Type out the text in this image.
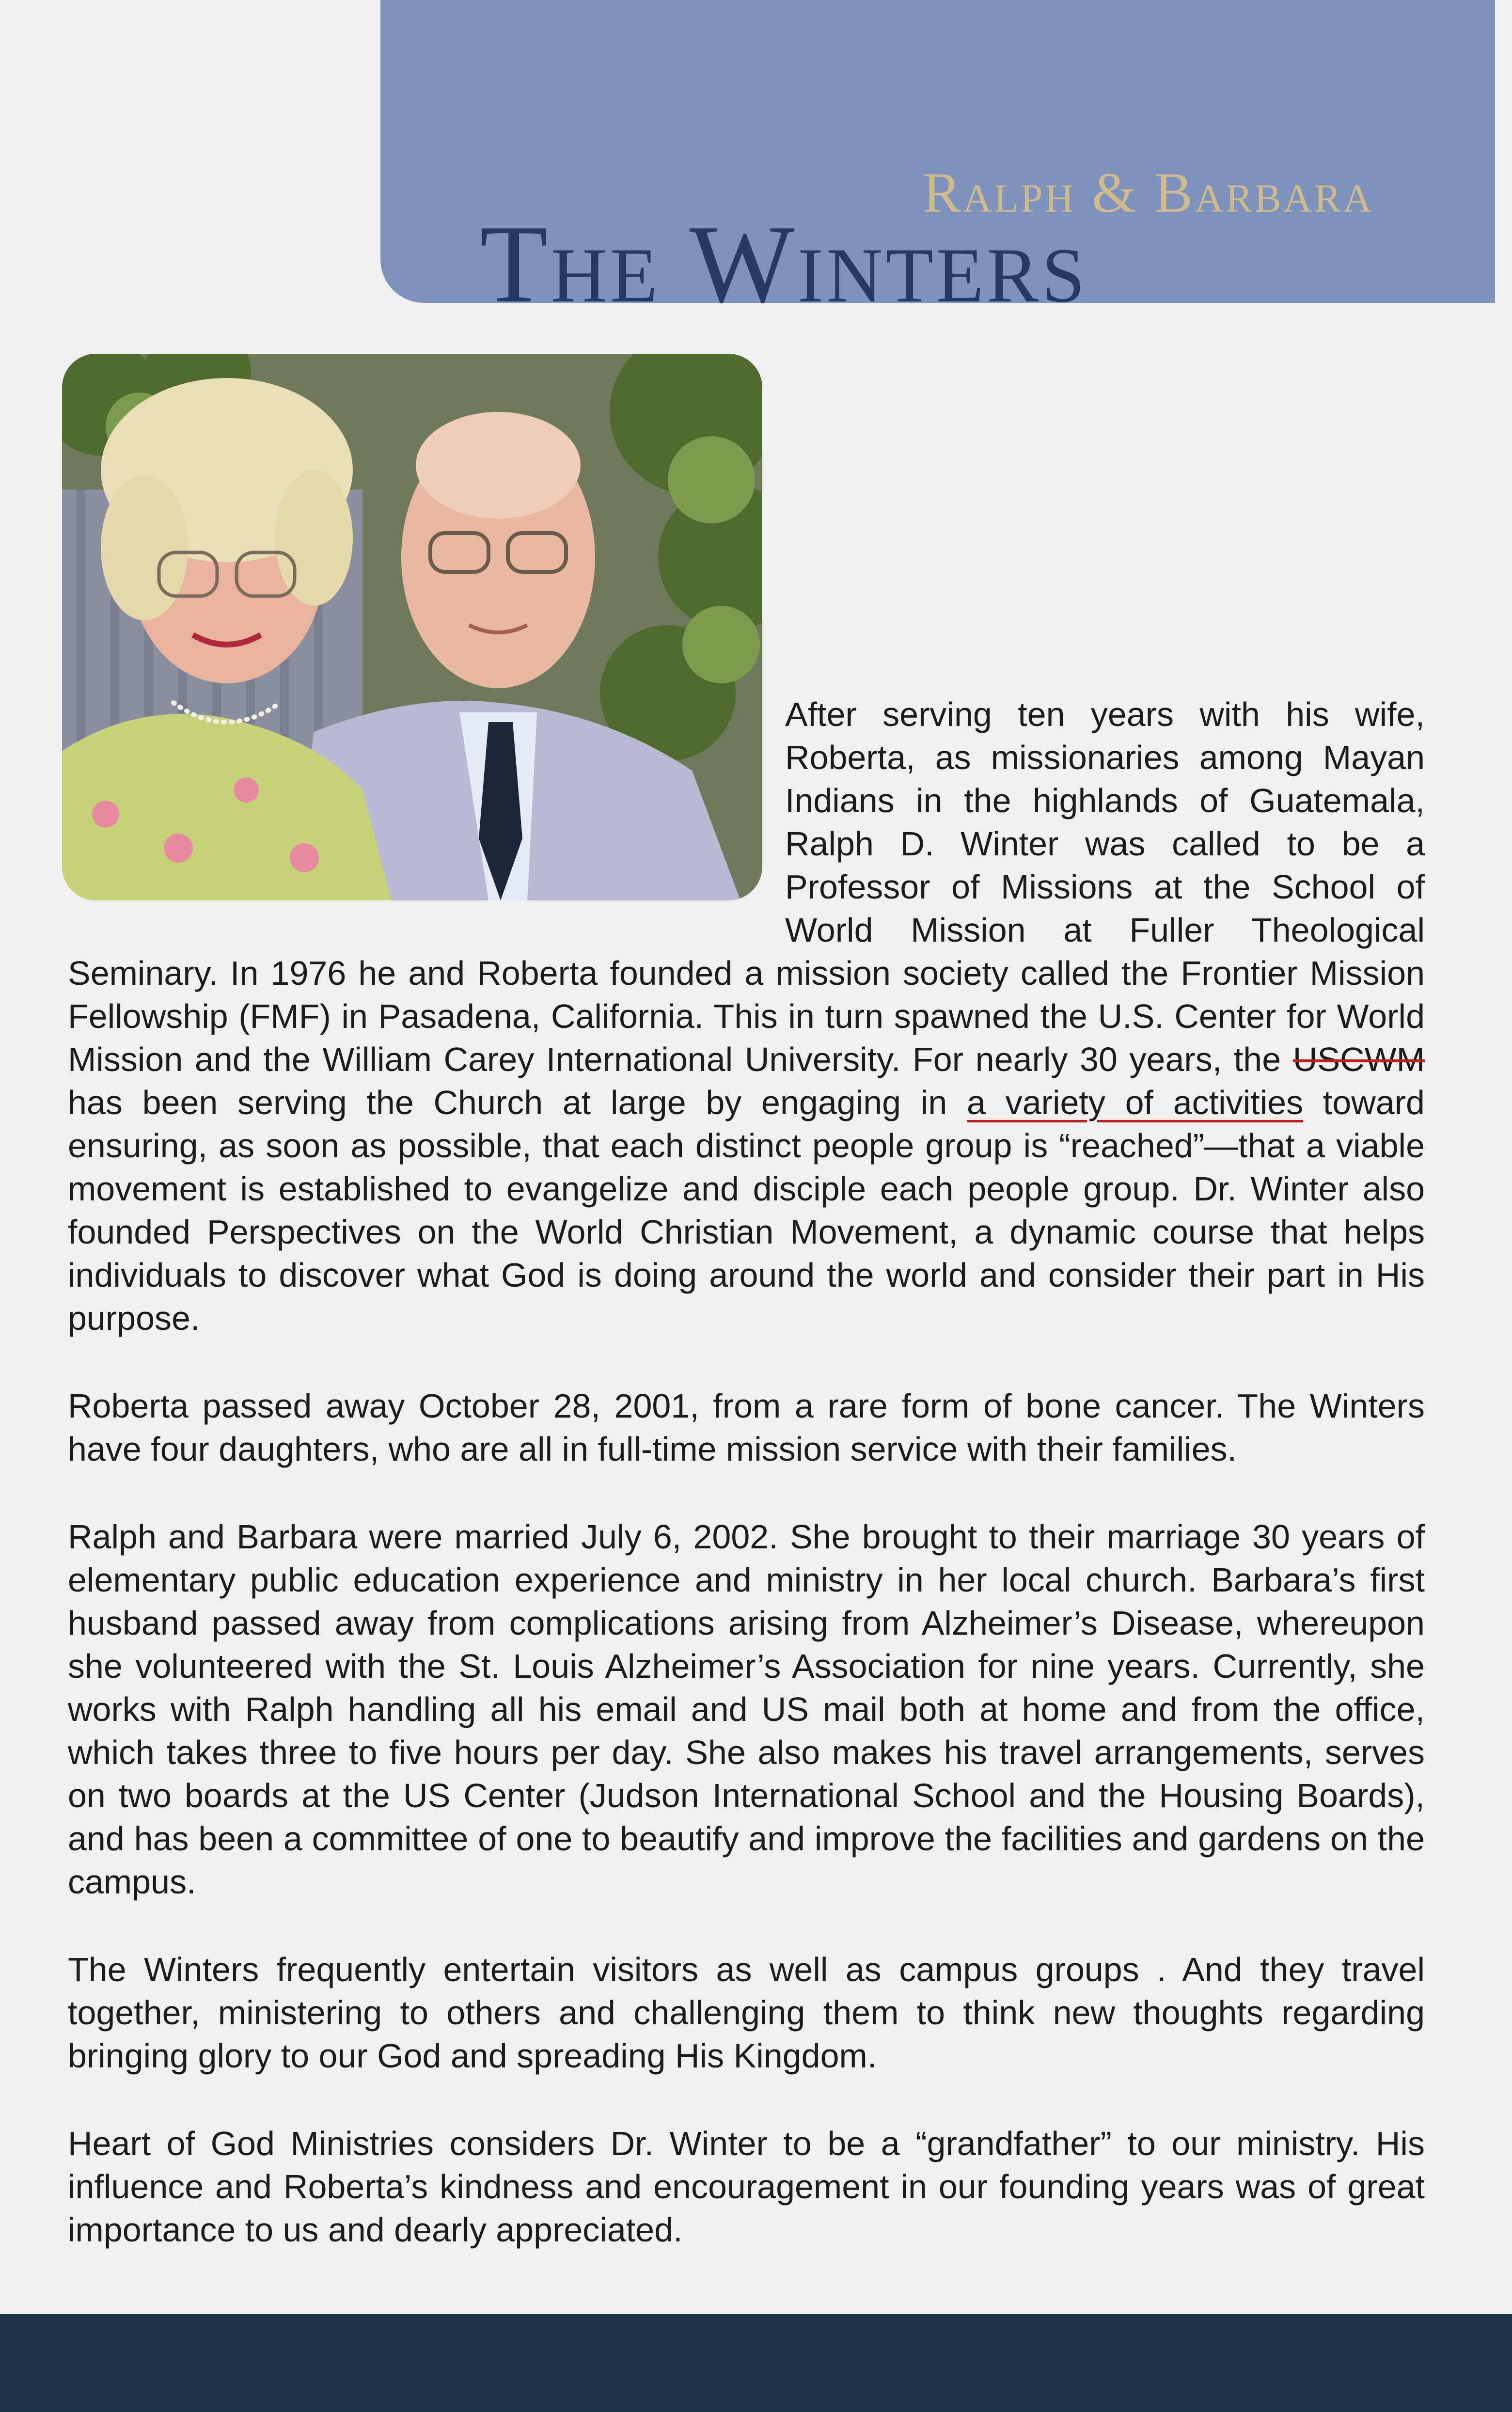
Ralph & Barbara
The Winters

After serving ten years with his wife, Roberta, as missionaries among Mayan Indians in the highlands of Guatemala, Ralph D. Winter was called to be a Professor of Missions at the School of World Mission at Fuller Theological Seminary. In 1976 he and Roberta founded a mission society called the Frontier Mission Fellowship (FMF) in Pasadena, California. This in turn spawned the U.S. Center for World Mission and the William Carey International University. For nearly 30 years, the USCWM has been serving the Church at large by engaging in a variety of activities toward ensuring, as soon as possible, that each distinct people group is “reached”—that a viable movement is established to evangelize and disciple each people group. Dr. Winter also founded Perspectives on the World Christian Movement, a dynamic course that helps individuals to discover what God is doing around the world and consider their part in His purpose.

Roberta passed away October 28, 2001, from a rare form of bone cancer. The Winters have four daughters, who are all in full-time mission service with their families.

Ralph and Barbara were married July 6, 2002. She brought to their marriage 30 years of elementary public education experience and ministry in her local church. Barbara’s first husband passed away from complications arising from Alzheimer’s Disease, whereupon she volunteered with the St. Louis Alzheimer’s Association for nine years. Currently, she works with Ralph handling all his email and US mail both at home and from the office, which takes three to five hours per day. She also makes his travel arrangements, serves on two boards at the US Center (Judson International School and the Housing Boards), and has been a committee of one to beautify and improve the facilities and gardens on the campus.

The Winters frequently entertain visitors as well as campus groups . And they travel together, ministering to others and challenging them to think new thoughts regarding bringing glory to our God and spreading His Kingdom.

Heart of God Ministries considers Dr. Winter to be a “grandfather” to our ministry. His influence and Roberta’s kindness and encouragement in our founding years was of great importance to us and dearly appreciated.
